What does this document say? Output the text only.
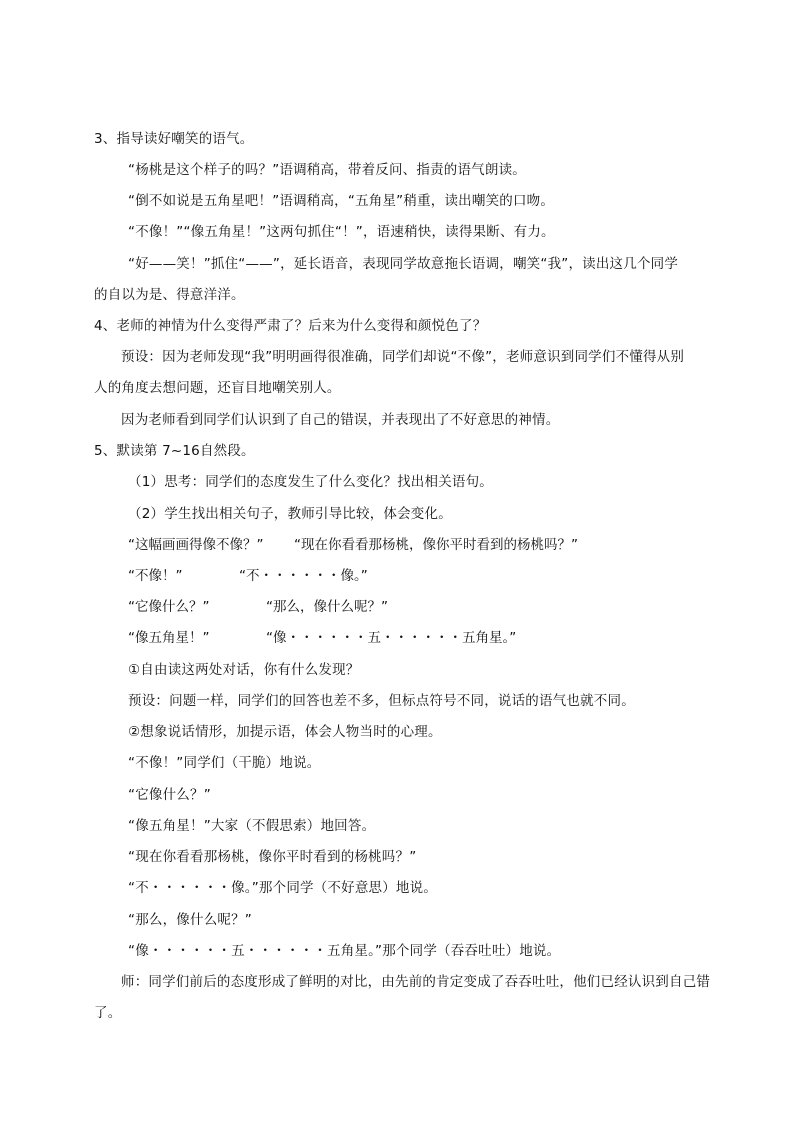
3、指导读好嘲笑的语气。
“杨桃是这个样子的吗？”语调稍高，带着反问、指责的语气朗读。
“倒不如说是五角星吧！”语调稍高，“五角星”稍重，读出嘲笑的口吻。
“不像！”“像五角星！”这两句抓住“！”，语速稍快，读得果断、有力。
“好——笑！”抓住“——”，延长语音，表现同学故意拖长语调，嘲笑“我”，读出这几个同学
的自以为是、得意洋洋。
4、老师的神情为什么变得严肃了？后来为什么变得和颜悦色了？
预设：因为老师发现“我”明明画得很准确，同学们却说“不像”，老师意识到同学们不懂得从别
人的角度去想问题，还盲目地嘲笑别人。
因为老师看到同学们认识到了自己的错误，并表现出了不好意思的神情。
5、默读第 7~16自然段。
（1）思考：同学们的态度发生了什么变化？找出相关语句。
（2）学生找出相关句子，教师引导比较，体会变化。
“这幅画画得像不像？” “现在你看看那杨桃，像你平时看到的杨桃吗？”
“不像！”	“不・・・・・・像。”
“它像什么？”	“那么，像什么呢？”
“像五角星！”	“像・・・・・・五・・・・・・五角星。”
①自由读这两处对话，你有什么发现？
预设：问题一样，同学们的回答也差不多，但标点符号不同，说话的语气也就不同。
②想象说话情形，加提示语，体会人物当时的心理。
“不像！”同学们（干脆）地说。
“它像什么？”
“像五角星！”大家（不假思索）地回答。
“现在你看看那杨桃，像你平时看到的杨桃吗？”
“不・・・・・・像。”那个同学（不好意思）地说。
“那么，像什么呢？”
“像・・・・・・五・・・・・・五角星。”那个同学（吞吞吐吐）地说。
师：同学们前后的态度形成了鲜明的对比，由先前的肯定变成了吞吞吐吐，他们已经认识到自己错
了。
